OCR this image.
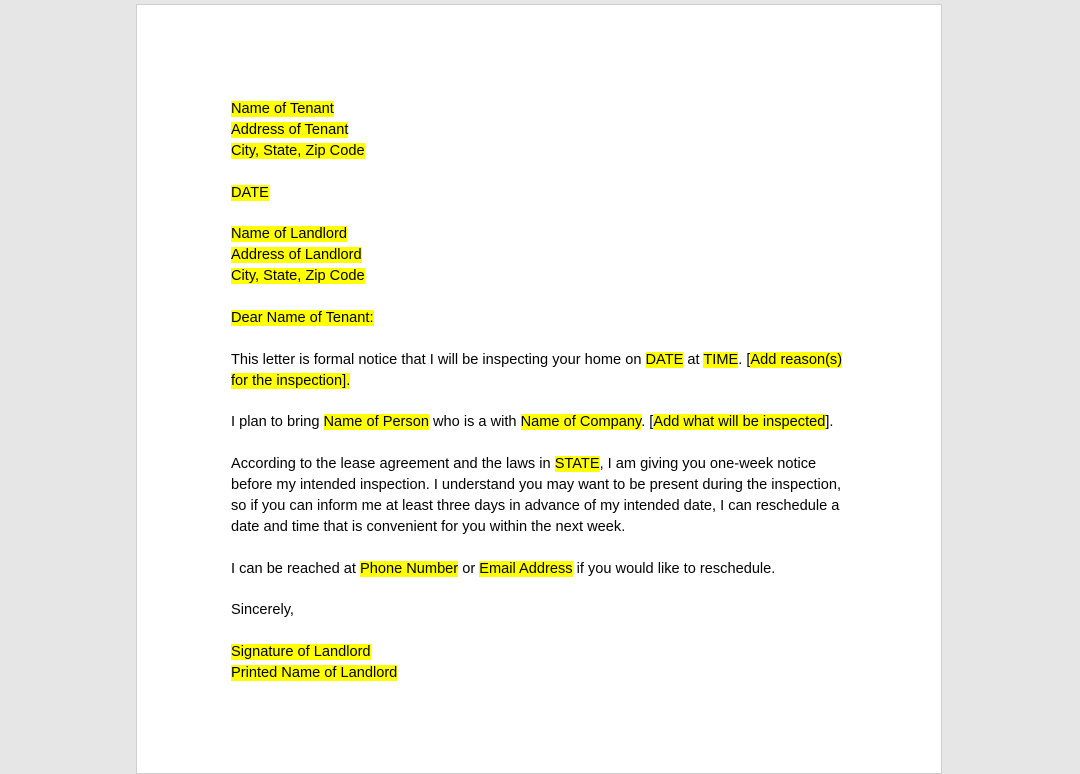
Name of Tenant

Address of Tenant

City, State, Zip Code

DATE

Name of Landlord

Address of Landlord

City, State, Zip Code

Dear Name of Tenant:

This letter is formal notice that I will be inspecting your home on DATE at TIME. [Add reason(s)

for the inspection].

I plan to bring Name of Person who is a with Name of Company. [Add what will be inspected].

According to the lease agreement and the laws in STATE, I am giving you one-week notice

before my intended inspection. I understand you may want to be present during the inspection,

so if you can inform me at least three days in advance of my intended date, I can reschedule a

date and time that is convenient for you within the next week.

I can be reached at Phone Number or Email Address if you would like to reschedule.

Sincerely,

Signature of Landlord

Printed Name of Landlord
